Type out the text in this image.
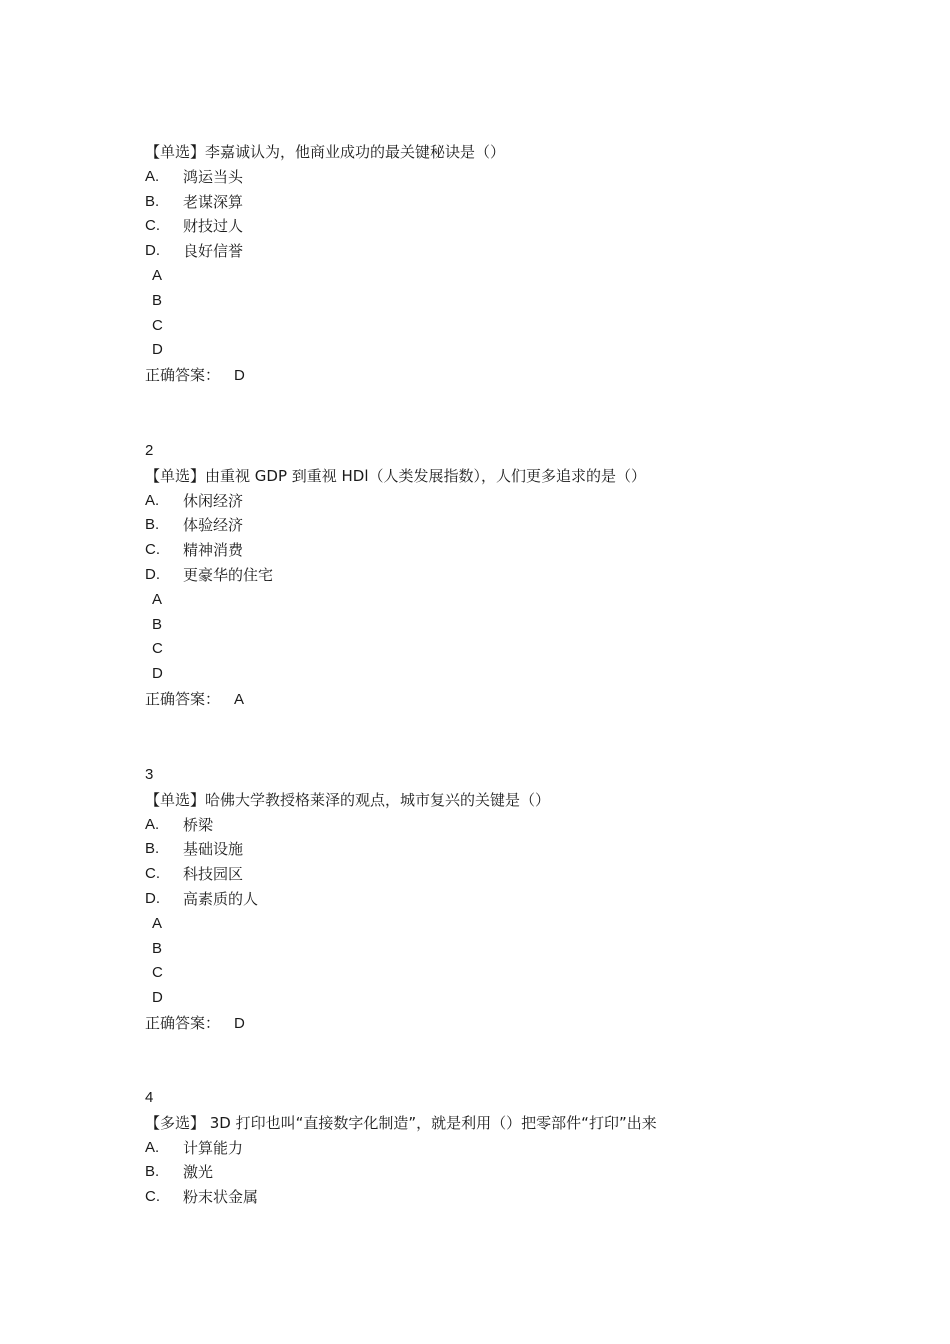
【单选】李嘉诚认为，他商业成功的最关键秘诀是（）
A.	鸿运当头
B.	老谋深算
C.	财技过人
D.	良好信誉
A
B
C
D
正确答案： D
2
【单选】由重视 GDP 到重视 HDl（人类发展指数），人们更多追求的是（）
A.	休闲经济
B.	体验经济
C.	精神消费
D.	更豪华的住宅
A
B
C
D
正确答案： A
3
【单选】哈佛大学教授格莱泽的观点，城市复兴的关键是（）
A.	桥梁
B.	基础设施
C.	科技园区
D.	高素质的人
A
B
C
D
正确答案： D
4
【多选】 3D 打印也叫“直接数字化制造”，就是利用（）把零部件“打印”出来
A.	计算能力
B.	激光
C.	粉末状金属
